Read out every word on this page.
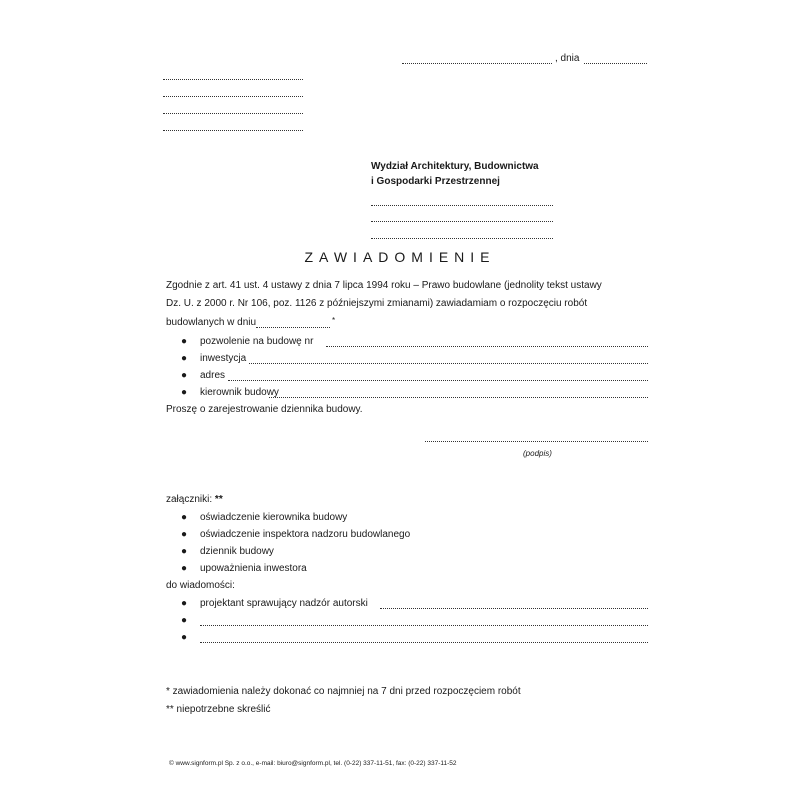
, dnia
Wydział Architektury, Budownictwa
i Gospodarki Przestrzennej
ZAWIADOMIENIE
Zgodnie z art. 41 ust. 4 ustawy z dnia 7 lipca 1994 roku – Prawo budowlane (jednolity tekst ustawy
Dz. U. z 2000 r. Nr 106, poz. 1126 z późniejszymi zmianami) zawiadamiam o rozpoczęciu robót
budowlanych w dniu	*
● pozwolenie na budowę nr
● inwestycja
● adres
● kierownik budowy
Proszę o zarejestrowanie dziennika budowy.
(podpis)
załączniki: **
● oświadczenie kierownika budowy
● oświadczenie inspektora nadzoru budowlanego
● dziennik budowy
● upoważnienia inwestora
do wiadomości:
● projektant sprawujący nadzór autorski
●
●
* zawiadomienia należy dokonać co najmniej na 7 dni przed rozpoczęciem robót
** niepotrzebne skreślić
© www.signform.pl Sp. z o.o., e-mail: biuro@signform.pl, tel. (0-22) 337-11-51, fax: (0-22) 337-11-52
